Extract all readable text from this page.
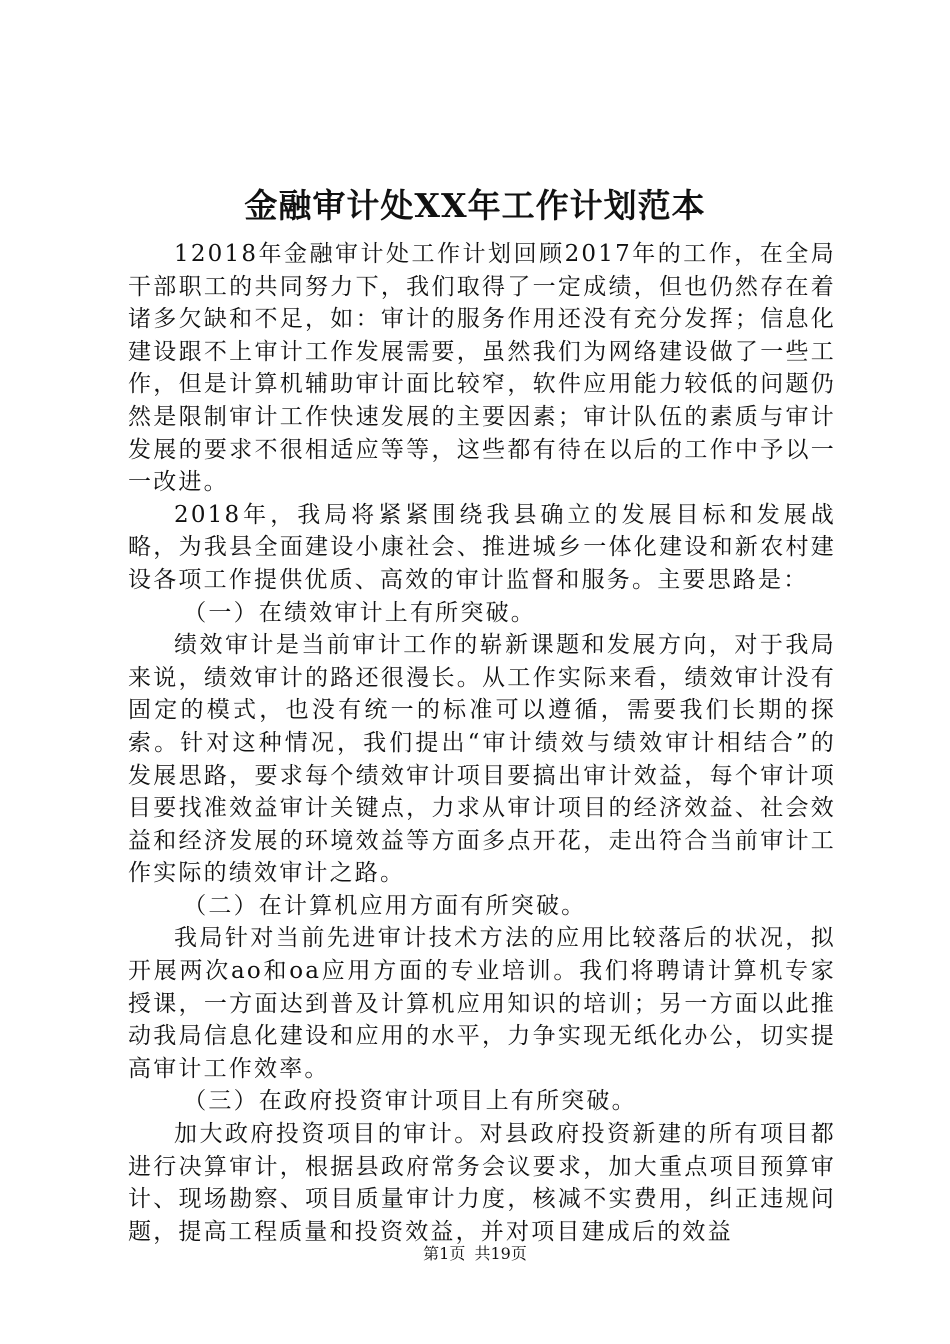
金融审计处XX年工作计划范本

12018年金融审计处工作计划回顾2017年的工作，在全局干部职工的共同努力下，我们取得了一定成绩，但也仍然存在着诸多欠缺和不足，如：审计的服务作用还没有充分发挥；信息化建设跟不上审计工作发展需要，虽然我们为网络建设做了一些工作，但是计算机辅助审计面比较窄，软件应用能力较低的问题仍然是限制审计工作快速发展的主要因素；审计队伍的素质与审计发展的要求不很相适应等等，这些都有待在以后的工作中予以一一改进。

2018年，我局将紧紧围绕我县确立的发展目标和发展战略，为我县全面建设小康社会、推进城乡一体化建设和新农村建设各项工作提供优质、高效的审计监督和服务。主要思路是：

（一）在绩效审计上有所突破。

绩效审计是当前审计工作的崭新课题和发展方向，对于我局来说，绩效审计的路还很漫长。从工作实际来看，绩效审计没有固定的模式，也没有统一的标准可以遵循，需要我们长期的探索。针对这种情况，我们提出“审计绩效与绩效审计相结合”的发展思路，要求每个绩效审计项目要搞出审计效益，每个审计项目要找准效益审计关键点，力求从审计项目的经济效益、社会效益和经济发展的环境效益等方面多点开花，走出符合当前审计工作实际的绩效审计之路。

（二）在计算机应用方面有所突破。

我局针对当前先进审计技术方法的应用比较落后的状况，拟开展两次ao和oa应用方面的专业培训。我们将聘请计算机专家授课，一方面达到普及计算机应用知识的培训；另一方面以此推动我局信息化建设和应用的水平，力争实现无纸化办公，切实提高审计工作效率。

（三）在政府投资审计项目上有所突破。

加大政府投资项目的审计。对县政府投资新建的所有项目都进行决算审计，根据县政府常务会议要求，加大重点项目预算审计、现场勘察、项目质量审计力度，核减不实费用，纠正违规问题，提高工程质量和投资效益，并对项目建成后的效益

第1页 共19页
